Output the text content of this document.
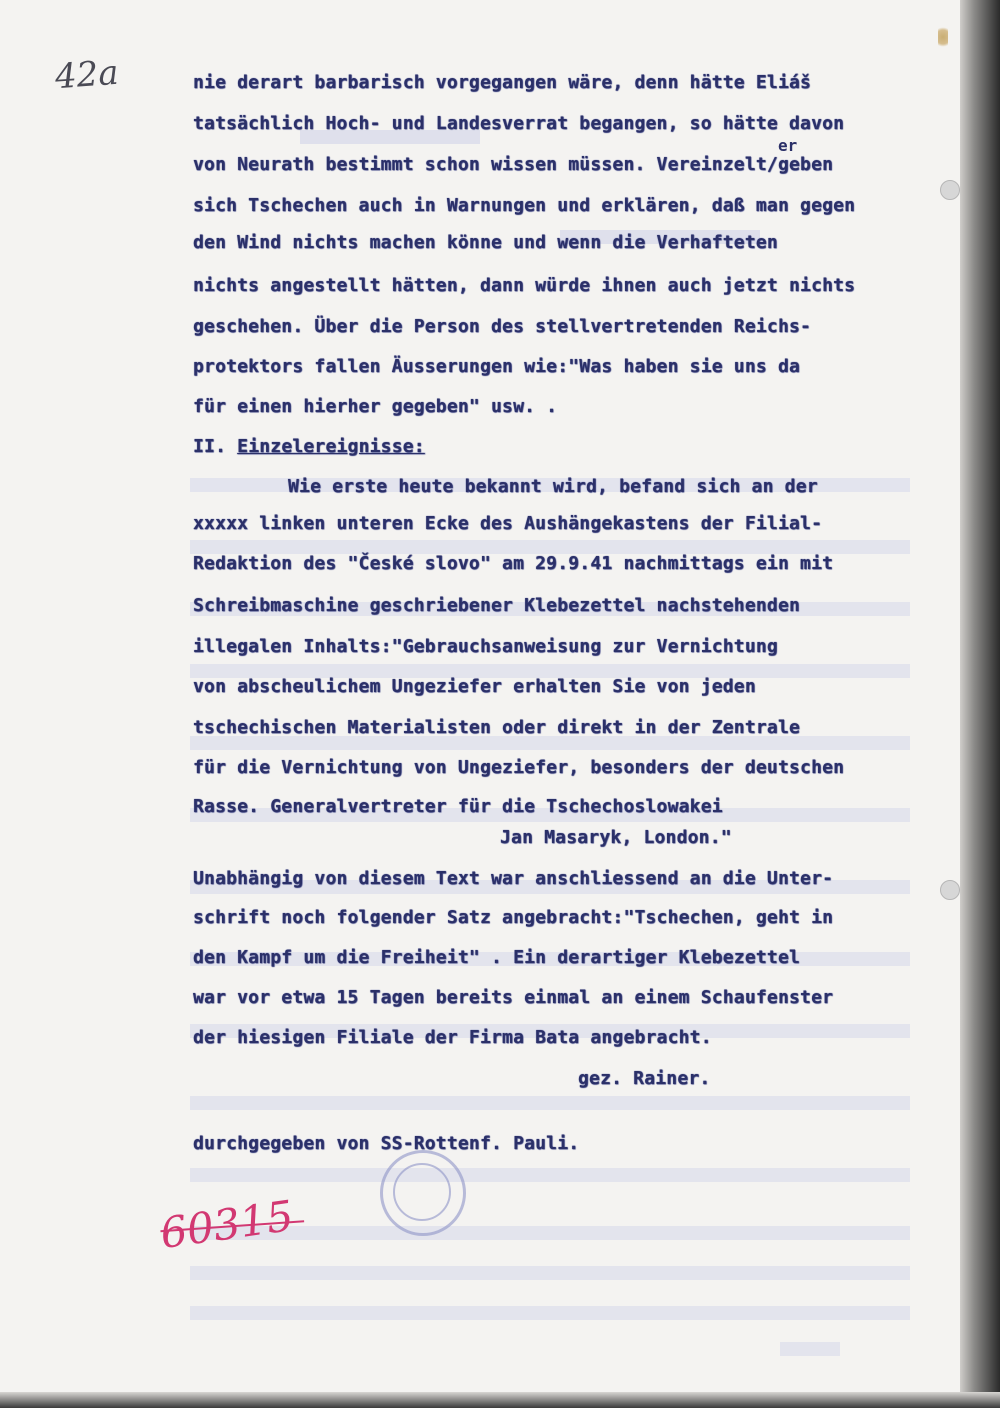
42a	nie derart barbarisch vorgegangen wäre, denn hätte Eliáš
tatsächlich Hoch- und Landesverrat begangen, so hätte davon
er
von Neurath bestimmt schon wissen müssen. Vereinzelt/geben
sich Tschechen auch in Warnungen und erklären, daß man gegen
den Wind nichts machen könne und wenn die Verhafteten
nichts angestellt hätten, dann würde ihnen auch jetzt nichts
geschehen. Über die Person des stellvertretenden Reichs-
protektors fallen Äusserungen wie:"Was haben sie uns da
für einen hierher gegeben" usw. .
II. Einzelereignisse:
Wie erste heute bekannt wird, befand sich an der
xxxxx linken unteren Ecke des Aushängekastens der Filial-
Redaktion des "České slovo" am 29.9.41 nachmittags ein mit
Schreibmaschine geschriebener Klebezettel nachstehenden
illegalen Inhalts:"Gebrauchsanweisung zur Vernichtung
von abscheulichem Ungeziefer erhalten Sie von jeden
tschechischen Materialisten oder direkt in der Zentrale
für die Vernichtung von Ungeziefer, besonders der deutschen
Rasse. Generalvertreter für die Tschechoslowakei
Jan Masaryk, London."
Unabhängig von diesem Text war anschliessend an die Unter-
schrift noch folgender Satz angebracht:"Tschechen, geht in
den Kampf um die Freiheit" . Ein derartiger Klebezettel
war vor etwa 15 Tagen bereits einmal an einem Schaufenster
der hiesigen Filiale der Firma Bata angebracht.
gez. Rainer.
durchgegeben von SS-Rottenf. Pauli.
60315
